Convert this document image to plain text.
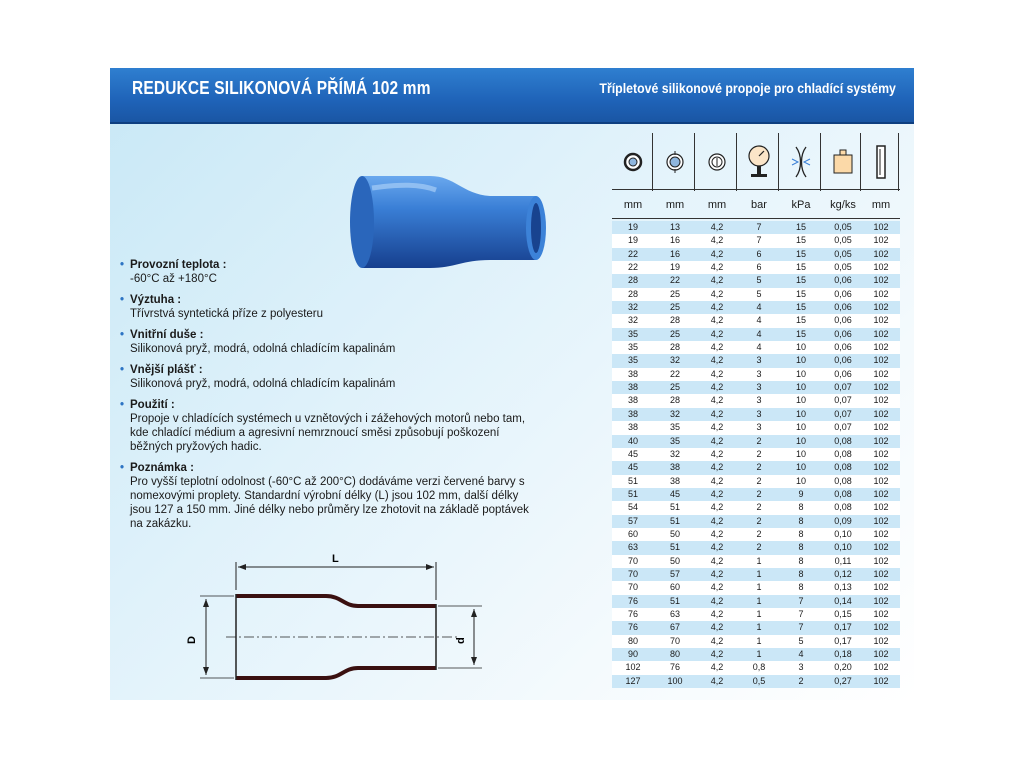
REDUKCE SILIKONOVÁ PŘÍMÁ 102 mm	Třípletové silikonové propoje pro chladící systémy
• Provozní teplota :
-60°C až +180°C
• Výztuha :
Třívrstvá syntetická příze z polyesteru
• Vnitřní duše :
Silikonová pryž, modrá, odolná chladícím kapalinám
• Vnější plášť :
Silikonová pryž, modrá, odolná chladícím kapalinám
• Použití :
Propoje v chladících systémech u vznětových i zážehových motorů nebo tam, kde chladící médium a agresivní nemrznoucí směsi způsobují poškození běžných pryžových hadic.
• Poznámka :
Pro vyšší teplotní odolnost (-60°C až 200°C) dodáváme verzi červené barvy s nomexovými proplety. Standardní výrobní délky (L) jsou 102 mm, další délky jsou 127 a 150 mm. Jiné délky nebo průměry lze zhotovit na základě poptávek na zakázku.
L
D	d
mm	mm	mm	bar	kPa	kg/ks	mm
19	13	4,2	7	15	0,05	102
19	16	4,2	7	15	0,05	102
22	16	4,2	6	15	0,05	102
22	19	4,2	6	15	0,05	102
28	22	4,2	5	15	0,06	102
28	25	4,2	5	15	0,06	102
32	25	4,2	4	15	0,06	102
32	28	4,2	4	15	0,06	102
35	25	4,2	4	15	0,06	102
35	28	4,2	4	10	0,06	102
35	32	4,2	3	10	0,06	102
38	22	4,2	3	10	0,06	102
38	25	4,2	3	10	0,07	102
38	28	4,2	3	10	0,07	102
38	32	4,2	3	10	0,07	102
38	35	4,2	3	10	0,07	102
40	35	4,2	2	10	0,08	102
45	32	4,2	2	10	0,08	102
45	38	4,2	2	10	0,08	102
51	38	4,2	2	10	0,08	102
51	45	4,2	2	9	0,08	102
54	51	4,2	2	8	0,08	102
57	51	4,2	2	8	0,09	102
60	50	4,2	2	8	0,10	102
63	51	4,2	2	8	0,10	102
70	50	4,2	1	8	0,11	102
70	57	4,2	1	8	0,12	102
70	60	4,2	1	8	0,13	102
76	51	4,2	1	7	0,14	102
76	63	4,2	1	7	0,15	102
76	67	4,2	1	7	0,17	102
80	70	4,2	1	5	0,17	102
90	80	4,2	1	4	0,18	102
102	76	4,2	0,8	3	0,20	102
127	100	4,2	0,5	2	0,27	102
